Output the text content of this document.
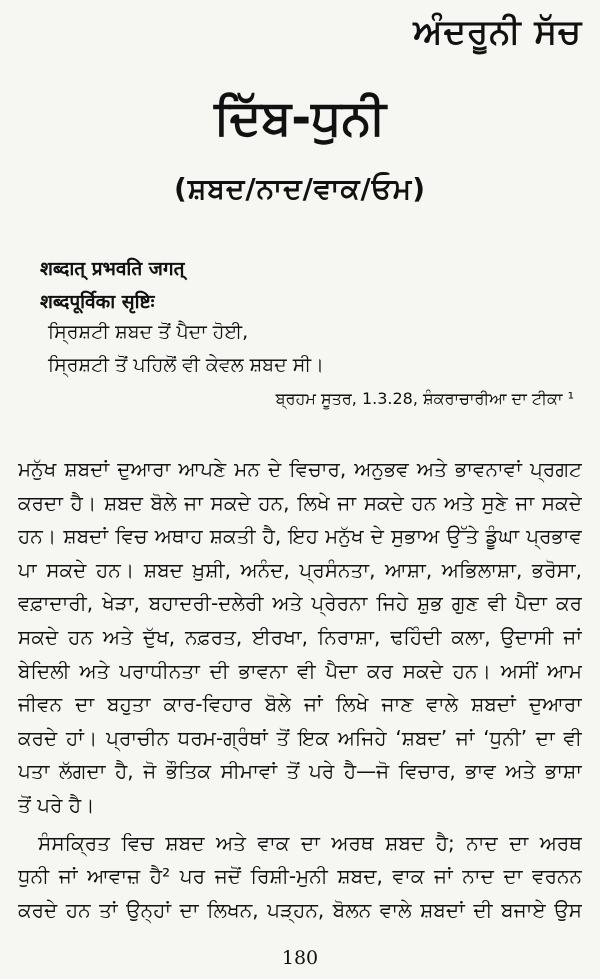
ਅੰਦਰੂਨੀ ਸੱਚ
ਦਿੱਬ-ਧੁਨੀ
(ਸ਼ਬਦ/ਨਾਦ/ਵਾਕ/ਓਮ)
शब्दात् प्रभवति जगत्
शब्दपूर्विका सृष्टिः
ਸ੍ਰਿਸ਼ਟੀ ਸ਼ਬਦ ਤੋਂ ਪੈਦਾ ਹੋਈ,
ਸ੍ਰਿਸ਼ਟੀ ਤੋਂ ਪਹਿਲੋਂ ਵੀ ਕੇਵਲ ਸ਼ਬਦ ਸੀ।
ਬ੍ਰਹਮ ਸੂਤਰ, 1.3.28, ਸ਼ੰਕਰਾਚਾਰੀਆ ਦਾ ਟੀਕਾ ¹
ਮਨੁੱਖ ਸ਼ਬਦਾਂ ਦੁਆਰਾ ਆਪਣੇ ਮਨ ਦੇ ਵਿਚਾਰ, ਅਨੁਭਵ ਅਤੇ ਭਾਵਨਾਵਾਂ ਪ੍ਰਗਟ
ਕਰਦਾ ਹੈ। ਸ਼ਬਦ ਬੋਲੇ ਜਾ ਸਕਦੇ ਹਨ, ਲਿਖੇ ਜਾ ਸਕਦੇ ਹਨ ਅਤੇ ਸੁਣੇ ਜਾ ਸਕਦੇ
ਹਨ। ਸ਼ਬਦਾਂ ਵਿਚ ਅਥਾਹ ਸ਼ਕਤੀ ਹੈ, ਇਹ ਮਨੁੱਖ ਦੇ ਸੁਭਾਅ ਉੱਤੇ ਡੂੰਘਾ ਪ੍ਰਭਾਵ
ਪਾ ਸਕਦੇ ਹਨ। ਸ਼ਬਦ ਖ਼ੁਸ਼ੀ, ਅਨੰਦ, ਪ੍ਰਸੰਨਤਾ, ਆਸ਼ਾ, ਅਭਿਲਾਸ਼ਾ, ਭਰੋਸਾ,
ਵਫ਼ਾਦਾਰੀ, ਖੇੜਾ, ਬਹਾਦਰੀ-ਦਲੇਰੀ ਅਤੇ ਪ੍ਰੇਰਨਾ ਜਿਹੇ ਸ਼ੁਭ ਗੁਣ ਵੀ ਪੈਦਾ ਕਰ
ਸਕਦੇ ਹਨ ਅਤੇ ਦੁੱਖ, ਨਫ਼ਰਤ, ਈਰਖਾ, ਨਿਰਾਸ਼ਾ, ਢਹਿੰਦੀ ਕਲਾ, ਉਦਾਸੀ ਜਾਂ
ਬੇਦਿਲੀ ਅਤੇ ਪਰਾਧੀਨਤਾ ਦੀ ਭਾਵਨਾ ਵੀ ਪੈਦਾ ਕਰ ਸਕਦੇ ਹਨ। ਅਸੀਂ ਆਮ
ਜੀਵਨ ਦਾ ਬਹੁਤਾ ਕਾਰ-ਵਿਹਾਰ ਬੋਲੇ ਜਾਂ ਲਿਖੇ ਜਾਣ ਵਾਲੇ ਸ਼ਬਦਾਂ ਦੁਆਰਾ
ਕਰਦੇ ਹਾਂ। ਪ੍ਰਾਚੀਨ ਧਰਮ-ਗ੍ਰੰਥਾਂ ਤੋਂ ਇਕ ਅਜਿਹੇ ‘ਸ਼ਬਦ’ ਜਾਂ ‘ਧੁਨੀ’ ਦਾ ਵੀ
ਪਤਾ ਲੱਗਦਾ ਹੈ, ਜੋ ਭੌਤਿਕ ਸੀਮਾਵਾਂ ਤੋਂ ਪਰੇ ਹੈ—ਜੋ ਵਿਚਾਰ, ਭਾਵ ਅਤੇ ਭਾਸ਼ਾ
ਤੋਂ ਪਰੇ ਹੈ।
ਸੰਸਕ੍ਰਿਤ ਵਿਚ ਸ਼ਬਦ ਅਤੇ ਵਾਕ ਦਾ ਅਰਥ ਸ਼ਬਦ ਹੈ; ਨਾਦ ਦਾ ਅਰਥ
ਧੁਨੀ ਜਾਂ ਆਵਾਜ਼ ਹੈ² ਪਰ ਜਦੋਂ ਰਿਸ਼ੀ-ਮੁਨੀ ਸ਼ਬਦ, ਵਾਕ ਜਾਂ ਨਾਦ ਦਾ ਵਰਨਨ
ਕਰਦੇ ਹਨ ਤਾਂ ਉਨ੍ਹਾਂ ਦਾ ਲਿਖਨ, ਪੜ੍ਹਨ, ਬੋਲਨ ਵਾਲੇ ਸ਼ਬਦਾਂ ਦੀ ਬਜਾਏ ਉਸ
180
